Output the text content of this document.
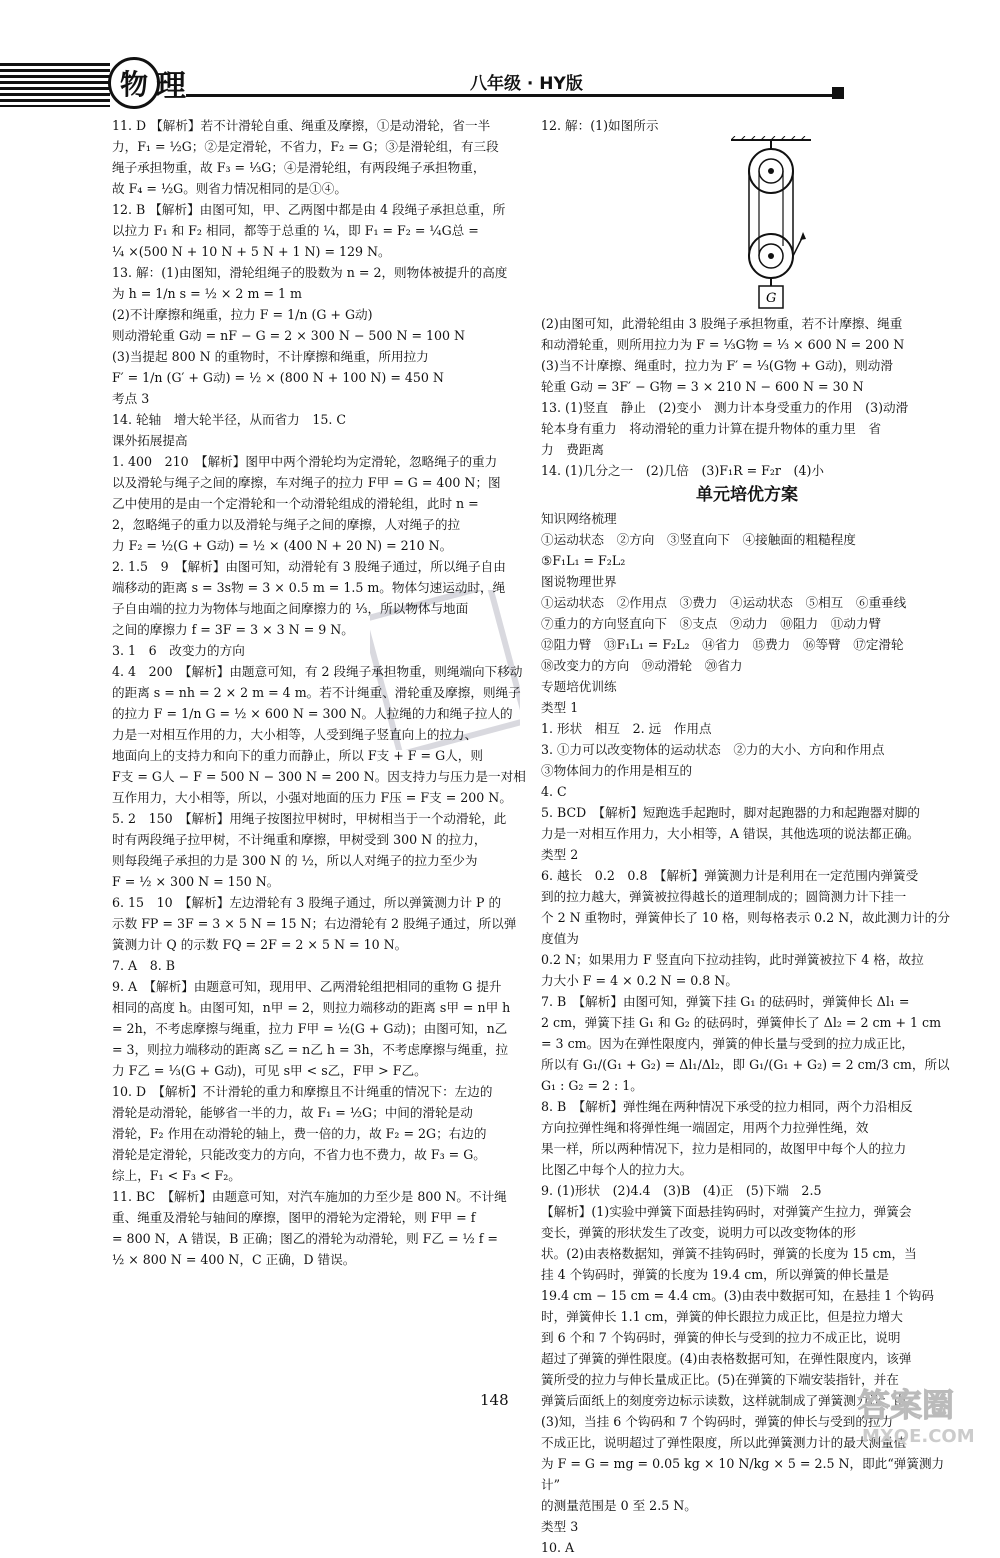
物 理	八年级 · HY版

11. D 【解析】若不计滑轮自重、绳重及摩擦，①是动滑轮，省一半

力，F₁ = ½G；②是定滑轮，不省力，F₂ = G；③是滑轮组，有三段

绳子承担物重，故 F₃ = ⅓G；④是滑轮组，有两段绳子承担物重，

故 F₄ = ½G。则省力情况相同的是①④。

12. B 【解析】由图可知，甲、乙两图中都是由 4 段绳子承担总重，所

以拉力 F₁ 和 F₂ 相同，都等于总重的 ¼，即 F₁ = F₂ = ¼G总 =

¼ ×(500 N + 10 N + 5 N + 1 N) = 129 N。

13. 解：(1)由图知，滑轮组绳子的股数为 n = 2，则物体被提升的高度

为 h = 1/n s = ½ × 2 m = 1 m

(2)不计摩擦和绳重，拉力 F = 1/n (G + G动)

则动滑轮重 G动 = nF − G = 2 × 300 N − 500 N = 100 N

(3)当提起 800 N 的重物时，不计摩擦和绳重，所用拉力

F′ = 1/n (G′ + G动) = ½ × (800 N + 100 N) = 450 N

考点 3

14. 轮轴　增大轮半径，从而省力　15. C

课外拓展提高

1. 400　210　【解析】图甲中两个滑轮均为定滑轮，忽略绳子的重力

以及滑轮与绳子之间的摩擦，车对绳子的拉力 F甲 = G = 400 N；图

乙中使用的是由一个定滑轮和一个动滑轮组成的滑轮组，此时 n =

2，忽略绳子的重力以及滑轮与绳子之间的摩擦，人对绳子的拉

力 F₂ = ½(G + G动) = ½ × (400 N + 20 N) = 210 N。

2. 1.5　9　【解析】由图可知，动滑轮有 3 股绳子通过，所以绳子自由

端移动的距离 s = 3s物 = 3 × 0.5 m = 1.5 m。物体匀速运动时，绳

子自由端的拉力为物体与地面之间摩擦力的 ⅓，所以物体与地面

之间的摩擦力 f = 3F = 3 × 3 N = 9 N。

3. 1　6　改变力的方向

4. 4　200　【解析】由题意可知，有 2 段绳子承担物重，则绳端向下移动

的距离 s = nh = 2 × 2 m = 4 m。若不计绳重、滑轮重及摩擦，则绳子

的拉力 F = 1/n G = ½ × 600 N = 300 N。人拉绳的力和绳子拉人的

力是一对相互作用的力，大小相等，人受到绳子竖直向上的拉力、

地面向上的支持力和向下的重力而静止，所以 F支 + F = G人，则

F支 = G人 − F = 500 N − 300 N = 200 N。因支持力与压力是一对相

互作用力，大小相等，所以，小强对地面的压力 F压 = F支 = 200 N。

5. 2　150　【解析】用绳子按图拉甲树时，甲树相当于一个动滑轮，此

时有两段绳子拉甲树，不计绳重和摩擦，甲树受到 300 N 的拉力，

则每段绳子承担的力是 300 N 的 ½，所以人对绳子的拉力至少为

F = ½ × 300 N = 150 N。

6. 15　10　【解析】左边滑轮有 3 股绳子通过，所以弹簧测力计 P 的

示数 FP = 3F = 3 × 5 N = 15 N；右边滑轮有 2 股绳子通过，所以弹

簧测力计 Q 的示数 FQ = 2F = 2 × 5 N = 10 N。

7. A　8. B

9. A　【解析】由题意可知，现用甲、乙两滑轮组把相同的重物 G 提升

相同的高度 h。由图可知，n甲 = 2，则拉力端移动的距离 s甲 = n甲 h

= 2h，不考虑摩擦与绳重，拉力 F甲 = ½(G + G动)；由图可知，n乙

= 3，则拉力端移动的距离 s乙 = n乙 h = 3h，不考虑摩擦与绳重，拉

力 F乙 = ⅓(G + G动)，可见 s甲 < s乙，F甲 > F乙。

10. D　【解析】不计滑轮的重力和摩擦且不计绳重的情况下：左边的

滑轮是动滑轮，能够省一半的力，故 F₁ = ½G；中间的滑轮是动

滑轮，F₂ 作用在动滑轮的轴上，费一倍的力，故 F₂ = 2G；右边的

滑轮是定滑轮，只能改变力的方向，不省力也不费力，故 F₃ = G。

综上，F₁ < F₃ < F₂。

11. BC　【解析】由题意可知，对汽车施加的力至少是 800 N。不计绳

重、绳重及滑轮与轴间的摩擦，图甲的滑轮为定滑轮，则 F甲 = f

= 800 N，A 错误，B 正确；图乙的滑轮为动滑轮，则 F乙 = ½ f =

½ × 800 N = 400 N，C 正确，D 错误。

12. 解：(1)如图所示

G

(2)由图可知，此滑轮组由 3 股绳子承担物重，若不计摩擦、绳重

和动滑轮重，则所用拉力为 F = ⅓G物 = ⅓ × 600 N = 200 N

(3)当不计摩擦、绳重时，拉力为 F′ = ⅓(G物 + G动)，则动滑

轮重 G动 = 3F′ − G物 = 3 × 210 N − 600 N = 30 N

13. (1)竖直　静止　(2)变小　测力计本身受重力的作用　(3)动滑

轮本身有重力　将动滑轮的重力计算在提升物体的重力里　省

力　费距离

14. (1)几分之一　(2)几倍　(3)F₁R = F₂r　(4)小

单元培优方案

知识网络梳理

①运动状态　②方向　③竖直向下　④接触面的粗糙程度

⑤F₁L₁ = F₂L₂

图说物理世界

①运动状态　②作用点　③费力　④运动状态　⑤相互　⑥重垂线

⑦重力的方向竖直向下　⑧支点　⑨动力　⑩阻力　⑪动力臂

⑫阻力臂　⑬F₁L₁ = F₂L₂　⑭省力　⑮费力　⑯等臂　⑰定滑轮

⑱改变力的方向　⑲动滑轮　⑳省力

专题培优训练

类型 1

1. 形状　相互　2. 远　作用点

3. ①力可以改变物体的运动状态　②力的大小、方向和作用点

③物体间力的作用是相互的

4. C

5. BCD　【解析】短跑选手起跑时，脚对起跑器的力和起跑器对脚的

力是一对相互作用力，大小相等，A 错误，其他选项的说法都正确。

类型 2

6. 越长　0.2　0.8　【解析】弹簧测力计是利用在一定范围内弹簧受

到的拉力越大，弹簧被拉得越长的道理制成的；圆筒测力计下挂一

个 2 N 重物时，弹簧伸长了 10 格，则每格表示 0.2 N，故此测力计的分度值为

0.2 N；如果用力 F 竖直向下拉动挂钩，此时弹簧被拉下 4 格，故拉

力大小 F = 4 × 0.2 N = 0.8 N。

7. B　【解析】由图可知，弹簧下挂 G₁ 的砝码时，弹簧伸长 Δl₁ =

2 cm，弹簧下挂 G₁ 和 G₂ 的砝码时，弹簧伸长了 Δl₂ = 2 cm + 1 cm

= 3 cm。因为在弹性限度内，弹簧的伸长量与受到的拉力成正比，

所以有 G₁/(G₁ + G₂) = Δl₁/Δl₂，即 G₁/(G₁ + G₂) = 2 cm/3 cm，所以 G₁ : G₂ = 2 : 1。

8. B　【解析】弹性绳在两种情况下承受的拉力相同，两个力沿相反

方向拉弹性绳和将弹性绳一端固定，用两个力拉弹性绳，效

果一样，所以两种情况下，拉力是相同的，故图甲中每个人的拉力

比图乙中每个人的拉力大。

9. (1)形状　(2)4.4　(3)B　(4)正　(5)下端　2.5

【解析】(1)实验中弹簧下面悬挂钩码时，对弹簧产生拉力，弹簧会

变长，弹簧的形状发生了改变，说明力可以改变物体的形

状。(2)由表格数据知，弹簧不挂钩码时，弹簧的长度为 15 cm，当

挂 4 个钩码时，弹簧的长度为 19.4 cm，所以弹簧的伸长量是

19.4 cm − 15 cm = 4.4 cm。(3)由表中数据可知，在悬挂 1 个钩码

时，弹簧伸长 1.1 cm，弹簧的伸长跟拉力成正比，但是拉力增大

到 6 个和 7 个钩码时，弹簧的伸长与受到的拉力不成正比，说明

超过了弹簧的弹性限度。(4)由表格数据可知，在弹性限度内，该弹

簧所受的拉力与伸长量成正比。(5)在弹簧的下端安装指针，并在

弹簧后面纸上的刻度旁边标示读数，这样就制成了弹簧测力计；由

(3)知，当挂 6 个钩码和 7 个钩码时，弹簧的伸长与受到的拉力

不成正比，说明超过了弹性限度，所以此弹簧测力计的最大测量值

为 F = G = mg = 0.05 kg × 10 N/kg × 5 = 2.5 N，即此“弹簧测力计”

的测量范围是 0 至 2.5 N。

类型 3

10. A

148	答案圈
MXQE.COM
